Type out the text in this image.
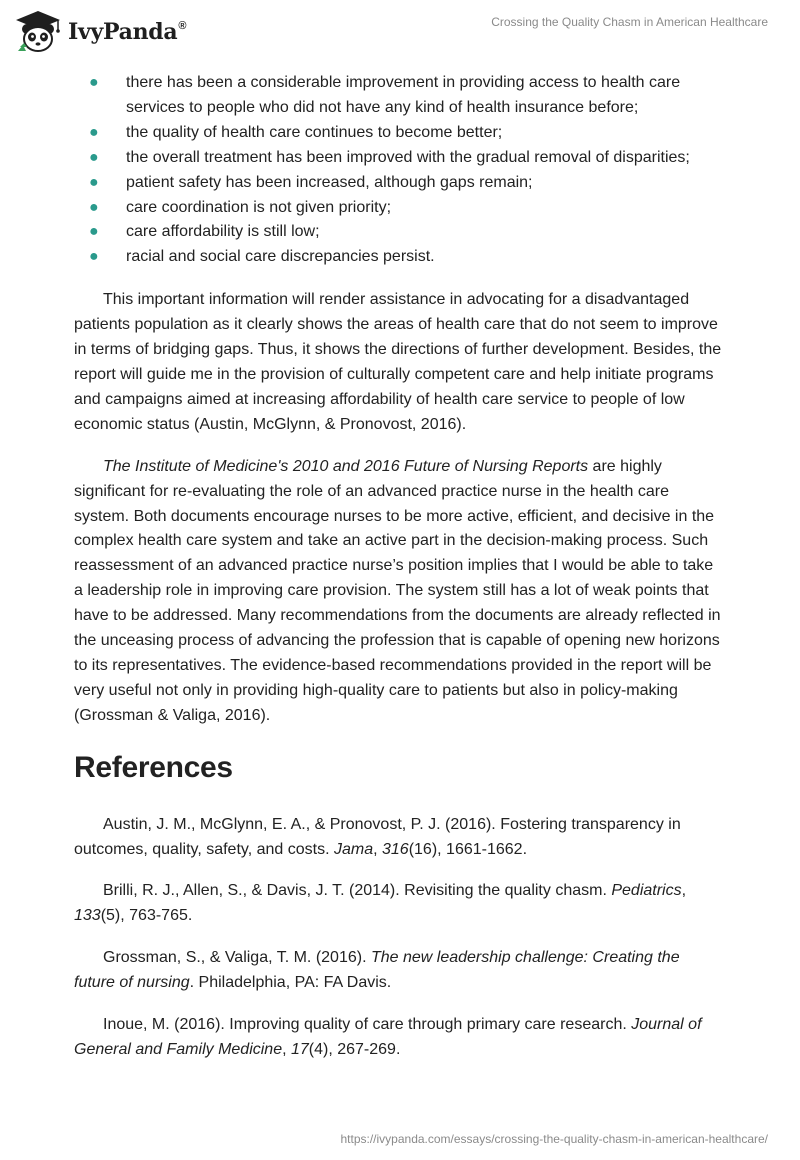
IvyPanda®	Crossing the Quality Chasm in American Healthcare
● there has been a considerable improvement in providing access to health care services to people who did not have any kind of health insurance before;
● the quality of health care continues to become better;
● the overall treatment has been improved with the gradual removal of disparities;
● patient safety has been increased, although gaps remain;
● care coordination is not given priority;
● care affordability is still low;
● racial and social care discrepancies persist.

This important information will render assistance in advocating for a disadvantaged patients population as it clearly shows the areas of health care that do not seem to improve in terms of bridging gaps. Thus, it shows the directions of further development. Besides, the report will guide me in the provision of culturally competent care and help initiate programs and campaigns aimed at increasing affordability of health care service to people of low economic status (Austin, McGlynn, & Pronovost, 2016).

The Institute of Medicine's 2010 and 2016 Future of Nursing Reports are highly significant for re-evaluating the role of an advanced practice nurse in the health care system. Both documents encourage nurses to be more active, efficient, and decisive in the complex health care system and take an active part in the decision-making process. Such reassessment of an advanced practice nurse’s position implies that I would be able to take a leadership role in improving care provision. The system still has a lot of weak points that have to be addressed. Many recommendations from the documents are already reflected in the unceasing process of advancing the profession that is capable of opening new horizons to its representatives. The evidence-based recommendations provided in the report will be very useful not only in providing high-quality care to patients but also in policy-making (Grossman & Valiga, 2016).

References

Austin, J. M., McGlynn, E. A., & Pronovost, P. J. (2016). Fostering transparency in outcomes, quality, safety, and costs. Jama, 316(16), 1661-1662.

Brilli, R. J., Allen, S., & Davis, J. T. (2014). Revisiting the quality chasm. Pediatrics, 133(5), 763-765.

Grossman, S., & Valiga, T. M. (2016). The new leadership challenge: Creating the future of nursing. Philadelphia, PA: FA Davis.

Inoue, M. (2016). Improving quality of care through primary care research. Journal of General and Family Medicine, 17(4), 267-269.

https://ivypanda.com/essays/crossing-the-quality-chasm-in-american-healthcare/
